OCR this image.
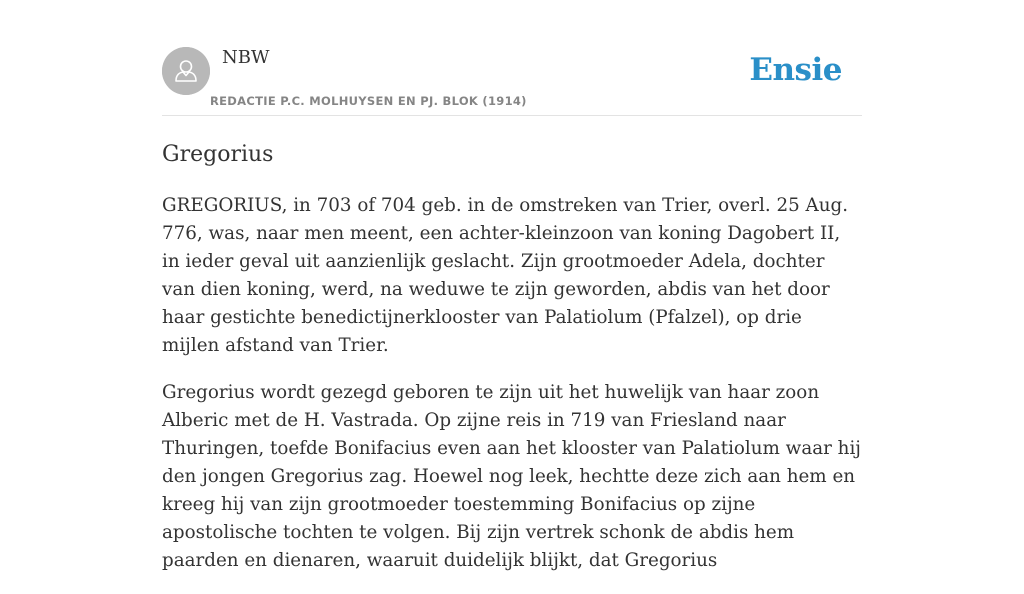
NBW
REDACTIE P.C. MOLHUYSEN EN PJ. BLOK (1914)
Ensie
Gregorius

GREGORIUS, in 703 of 704 geb. in de omstreken van Trier, overl. 25 Aug. 776, was, naar men meent, een achter-kleinzoon van koning Dagobert II, in ieder geval uit aanzienlijk geslacht. Zijn grootmoeder Adela, dochter van dien koning, werd, na weduwe te zijn geworden, abdis van het door haar gestichte benedictijnerklooster van Palatiolum (Pfalzel), op drie mijlen afstand van Trier.

Gregorius wordt gezegd geboren te zijn uit het huwelijk van haar zoon Alberic met de H. Vastrada. Op zijne reis in 719 van Friesland naar Thuringen, toefde Bonifacius even aan het klooster van Palatiolum waar hij den jongen Gregorius zag. Hoewel nog leek, hechtte deze zich aan hem en kreeg hij van zijn grootmoeder toestemming Bonifacius op zijne apostolische tochten te volgen. Bij zijn vertrek schonk de abdis hem paarden en dienaren, waaruit duidelijk blijkt, dat Gregorius
